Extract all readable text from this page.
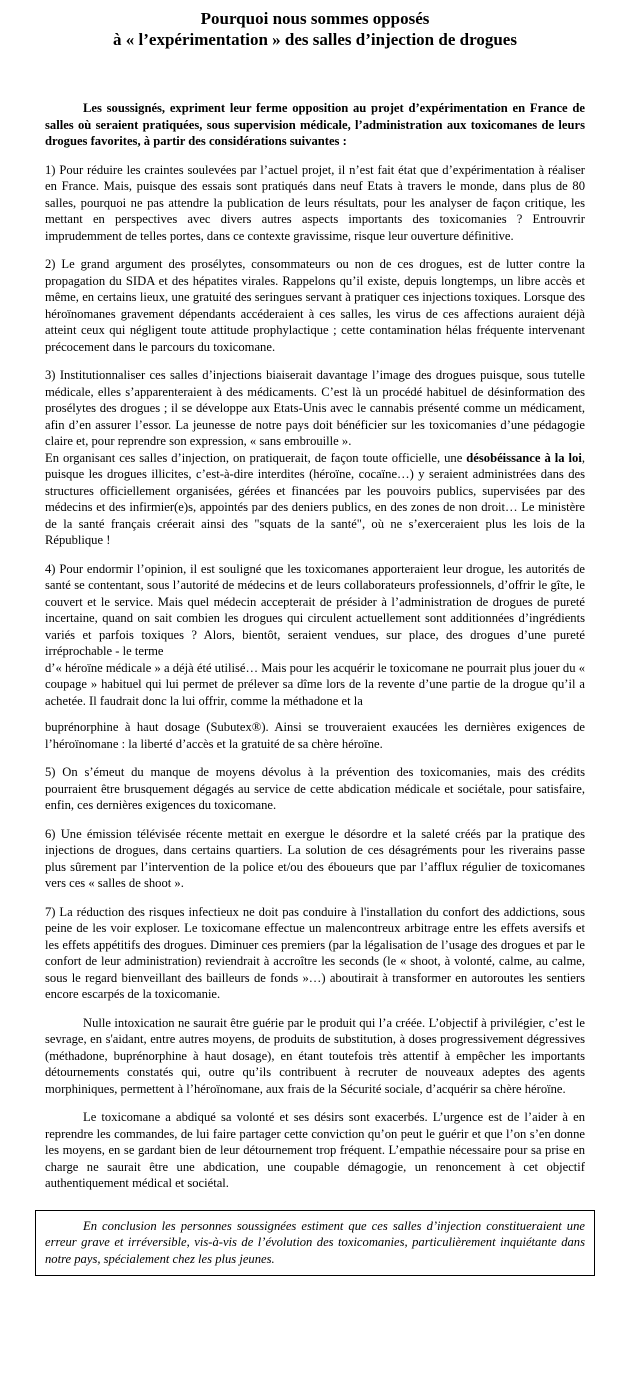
Pourquoi nous sommes opposés
à « l’expérimentation » des salles d’injection de drogues

Les soussignés, expriment leur ferme opposition au projet d’expérimentation en France de salles où seraient pratiquées, sous supervision médicale, l’administration aux toxicomanes de leurs drogues favorites, à partir des considérations suivantes :

1) Pour réduire les craintes soulevées par l’actuel projet, il n’est fait état que d’expérimentation à réaliser en France. Mais, puisque des essais sont pratiqués dans neuf Etats à travers le monde, dans plus de 80 salles, pourquoi ne pas attendre la publication de leurs résultats, pour les analyser de façon critique, les mettant en perspectives avec divers autres aspects importants des toxicomanies ? Entrouvrir imprudemment de telles portes, dans ce contexte gravissime, risque leur ouverture définitive.

2) Le grand argument des prosélytes, consommateurs ou non de ces drogues, est de lutter contre la propagation du SIDA et des hépatites virales. Rappelons qu’il existe, depuis longtemps, un libre accès et même, en certains lieux, une gratuité des seringues servant à pratiquer ces injections toxiques. Lorsque des héroïnomanes gravement dépendants accéderaient à ces salles, les virus de ces affections auraient déjà atteint ceux qui négligent toute attitude prophylactique ; cette contamination hélas fréquente intervenant précocement dans le parcours du toxicomane.

3) Institutionnaliser ces salles d’injections biaiserait davantage l’image des drogues puisque, sous tutelle médicale, elles s’apparenteraient à des médicaments. C’est là un procédé habituel de désinformation des prosélytes des drogues ; il se développe aux Etats-Unis avec le cannabis présenté comme un médicament, afin d’en assurer l’essor. La jeunesse de notre pays doit bénéficier sur les toxicomanies d’une pédagogie claire et, pour reprendre son expression, « sans embrouille ».

En organisant ces salles d’injection, on pratiquerait, de façon toute officielle, une désobéissance à la loi, puisque les drogues illicites, c’est-à-dire interdites (héroïne, cocaïne…) y seraient administrées dans des structures officiellement organisées, gérées et financées par les pouvoirs publics, supervisées par des médecins et des infirmier(e)s, appointés par des deniers publics, en des zones de non droit… Le ministère de la santé français créerait ainsi des "squats de la santé", où ne s’exerceraient plus les lois de la République !

4) Pour endormir l’opinion, il est souligné que les toxicomanes apporteraient leur drogue, les autorités de santé se contentant, sous l’autorité de médecins et de leurs collaborateurs professionnels, d’offrir le gîte, le couvert et le service. Mais quel médecin accepterait de présider à l’administration de drogues de pureté incertaine, quand on sait combien les drogues qui circulent actuellement sont additionnées d’ingrédients variés et parfois toxiques ? Alors, bientôt, seraient vendues, sur place, des drogues d’une pureté irréprochable - le terme

d’« héroïne médicale » a déjà été utilisé… Mais pour les acquérir le toxicomane ne pourrait plus jouer du « coupage » habituel qui lui permet de prélever sa dîme lors de la revente d’une partie de la drogue qu’il a achetée. Il faudrait donc la lui offrir, comme la méthadone et la

buprénorphine à haut dosage (Subutex®). Ainsi se trouveraient exaucées les dernières exigences de l’héroïnomane : la liberté d’accès et la gratuité de sa chère héroïne.

5) On s’émeut du manque de moyens dévolus à la prévention des toxicomanies, mais des crédits pourraient être brusquement dégagés au service de cette abdication médicale et sociétale, pour satisfaire, enfin, ces dernières exigences du toxicomane.

6) Une émission télévisée récente mettait en exergue le désordre et la saleté créés par la pratique des injections de drogues, dans certains quartiers. La solution de ces désagréments pour les riverains passe plus sûrement par l’intervention de la police et/ou des éboueurs que par l’afflux régulier de toxicomanes vers ces « salles de shoot ».

7) La réduction des risques infectieux ne doit pas conduire à l'installation du confort des addictions, sous peine de les voir exploser. Le toxicomane effectue un malencontreux arbitrage entre les effets aversifs et les effets appétitifs des drogues. Diminuer ces premiers (par la légalisation de l’usage des drogues et par le confort de leur administration) reviendrait à accroître les seconds (le « shoot, à volonté, calme, au calme, sous le regard bienveillant des bailleurs de fonds »…) aboutirait à transformer en autoroutes les sentiers encore escarpés de la toxicomanie.

Nulle intoxication ne saurait être guérie par le produit qui l’a créée. L’objectif à privilégier, c’est le sevrage, en s'aidant, entre autres moyens, de produits de substitution, à doses progressivement dégressives (méthadone, buprénorphine à haut dosage), en étant toutefois très attentif à empêcher les importants détournements constatés qui, outre qu’ils contribuent à recruter de nouveaux adeptes des agents morphiniques, permettent à l’héroïnomane, aux frais de la Sécurité sociale, d’acquérir sa chère héroïne.

Le toxicomane a abdiqué sa volonté et ses désirs sont exacerbés. L’urgence est de l’aider à en reprendre les commandes, de lui faire partager cette conviction qu’on peut le guérir et que l’on s’en donne les moyens, en se gardant bien de leur détournement trop fréquent. L’empathie nécessaire pour sa prise en charge ne saurait être une abdication, une coupable démagogie, un renoncement à cet objectif authentiquement médical et sociétal.

En conclusion les personnes soussignées estiment que ces salles d’injection constitueraient une erreur grave et irréversible, vis-à-vis de l’évolution des toxicomanies, particulièrement inquiétante dans notre pays, spécialement chez les plus jeunes.
